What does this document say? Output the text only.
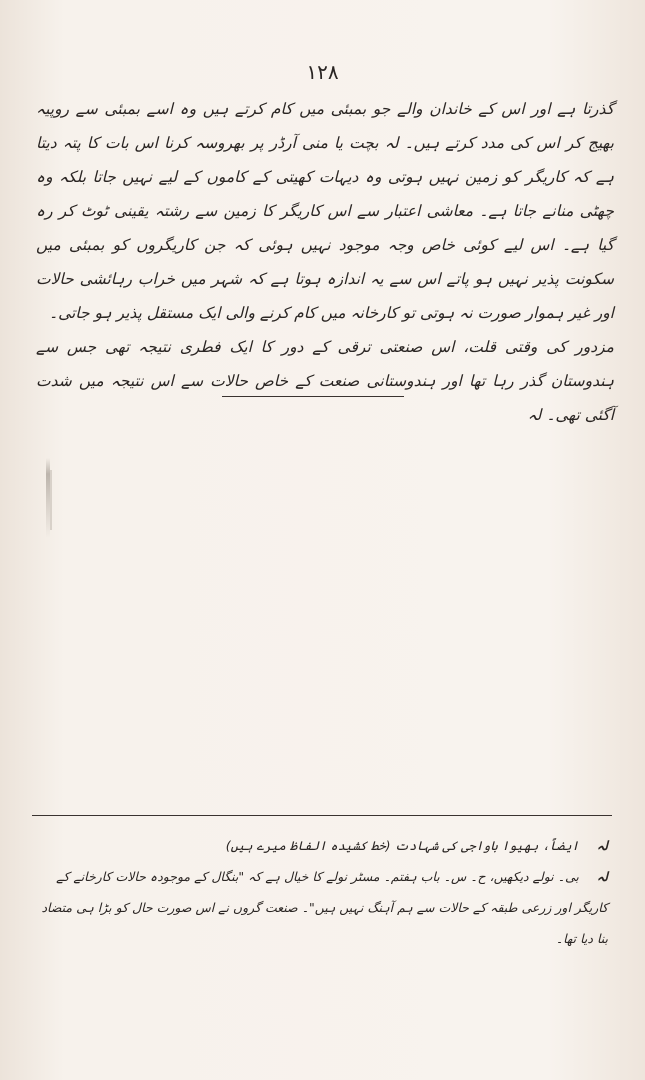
۱۲۸

گذرتا ہے اور اس کے خاندان والے جو بمبئی میں کام کرتے ہیں وہ اسے بمبئی سے روپیہ بھیج کر اس کی مدد کرتے ہیں۔ لہ بچت یا منی آرڈر پر بھروسہ کرنا اس بات کا پتہ دیتا ہے کہ کاریگر کو زمین نہیں ہوتی وہ دیہات کھیتی کے کاموں کے لیے نہیں جاتا بلکہ وہ چھٹی منانے جاتا ہے۔ معاشی اعتبار سے اس کاریگر کا زمین سے رشتہ یقینی ٹوٹ کر رہ گیا ہے۔ اس لیے کوئی خاص وجہ موجود نہیں ہوئی کہ جن کاریگروں کو بمبئی میں سکونت پذیر نہیں ہو پاتے اس سے یہ اندازہ ہوتا ہے کہ شہر میں خراب رہائشی حالات اور غیر ہموار صورت نہ ہوتی تو کارخانہ میں کام کرنے والی ایک مستقل پذیر ہو جاتی۔

مزدور کی وقتی قلت، اس صنعتی ترقی کے دور کا ایک فطری نتیجہ تھی جس سے ہندوستان گذر رہا تھا اور ہندوستانی صنعت کے خاص حالات سے اس نتیجہ میں شدت آگئی تھی۔ لہ

لہ ایضاً، بھیوا باواجی کی شہادت (خط کشیدہ الفاظ میرے ہیں)

لہ بی۔ نولے دیکھیں، ح۔ س۔ باب ہفتم۔ مسٹر نولے کا خیال ہے کہ "بنگال کے موجودہ حالات کارخانے کے کاریگر اور زرعی طبقہ کے حالات سے ہم آہنگ نہیں ہیں"۔ صنعت گروں نے اس صورت حال کو بڑا ہی متضاد بنا دیا تھا۔
